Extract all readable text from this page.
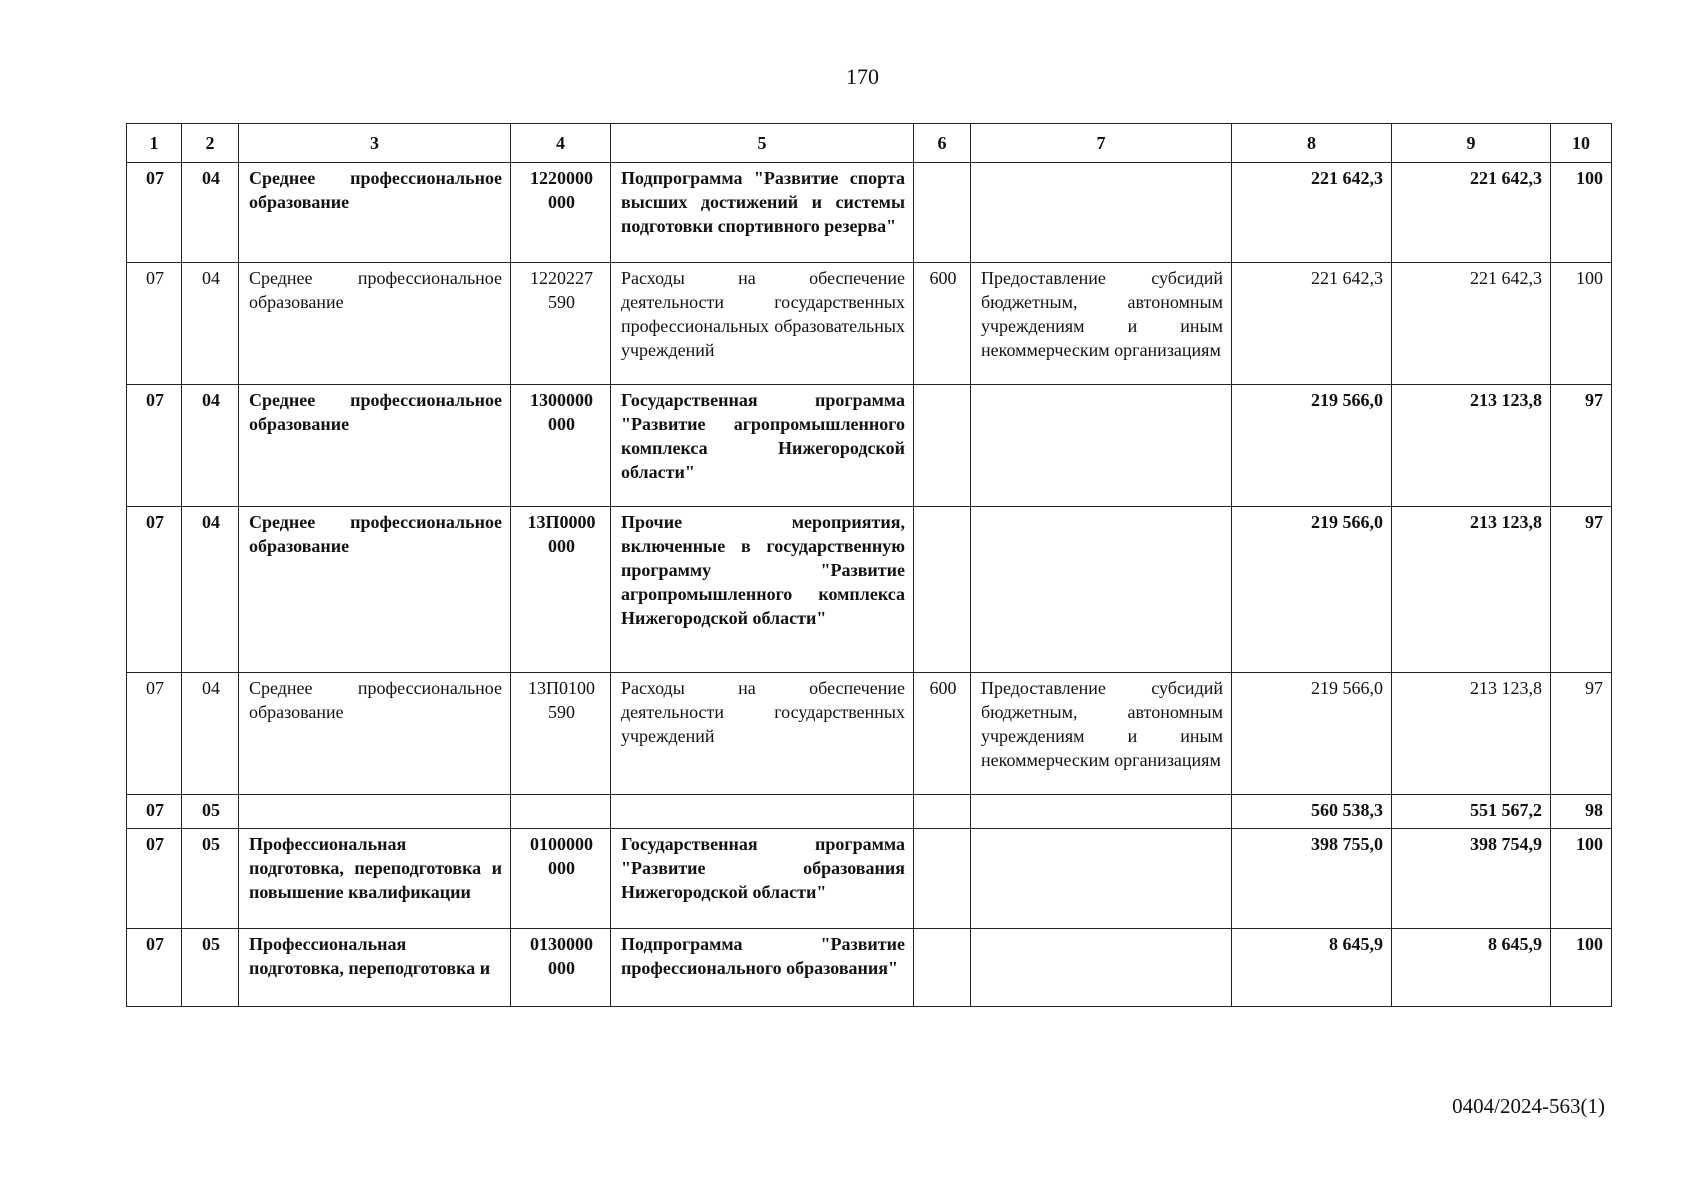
170
1	2	3	4	5	6	7	8	9	10
07	04	Среднее профессиональное образование	1220000 000	Подпрограмма "Развитие спорта высших достижений и системы подготовки спортивного резерва"			221 642,3	221 642,3	100
07	04	Среднее профессиональное образование	1220227 590	Расходы на обеспечение деятельности государственных профессиональных образовательных учреждений	600	Предоставление субсидий бюджетным, автономным учреждениям и иным некоммерческим организациям	221 642,3	221 642,3	100
07	04	Среднее профессиональное образование	1300000 000	Государственная программа "Развитие агропромышленного комплекса Нижегородской области"			219 566,0	213 123,8	97
07	04	Среднее профессиональное образование	13П0000 000	Прочие мероприятия, включенные в государственную программу "Развитие агропромышленного комплекса Нижегородской области"			219 566,0	213 123,8	97
07	04	Среднее профессиональное образование	13П0100 590	Расходы на обеспечение деятельности государственных учреждений	600	Предоставление субсидий бюджетным, автономным учреждениям и иным некоммерческим организациям	219 566,0	213 123,8	97
07	05						560 538,3	551 567,2	98
07	05	Профессиональная подготовка, переподготовка и повышение квалификации	0100000 000	Государственная программа "Развитие образования Нижегородской области"			398 755,0	398 754,9	100
07	05	Профессиональная подготовка, переподготовка и	0130000 000	Подпрограмма "Развитие профессионального образования"			8 645,9	8 645,9	100
0404/2024-563(1)
